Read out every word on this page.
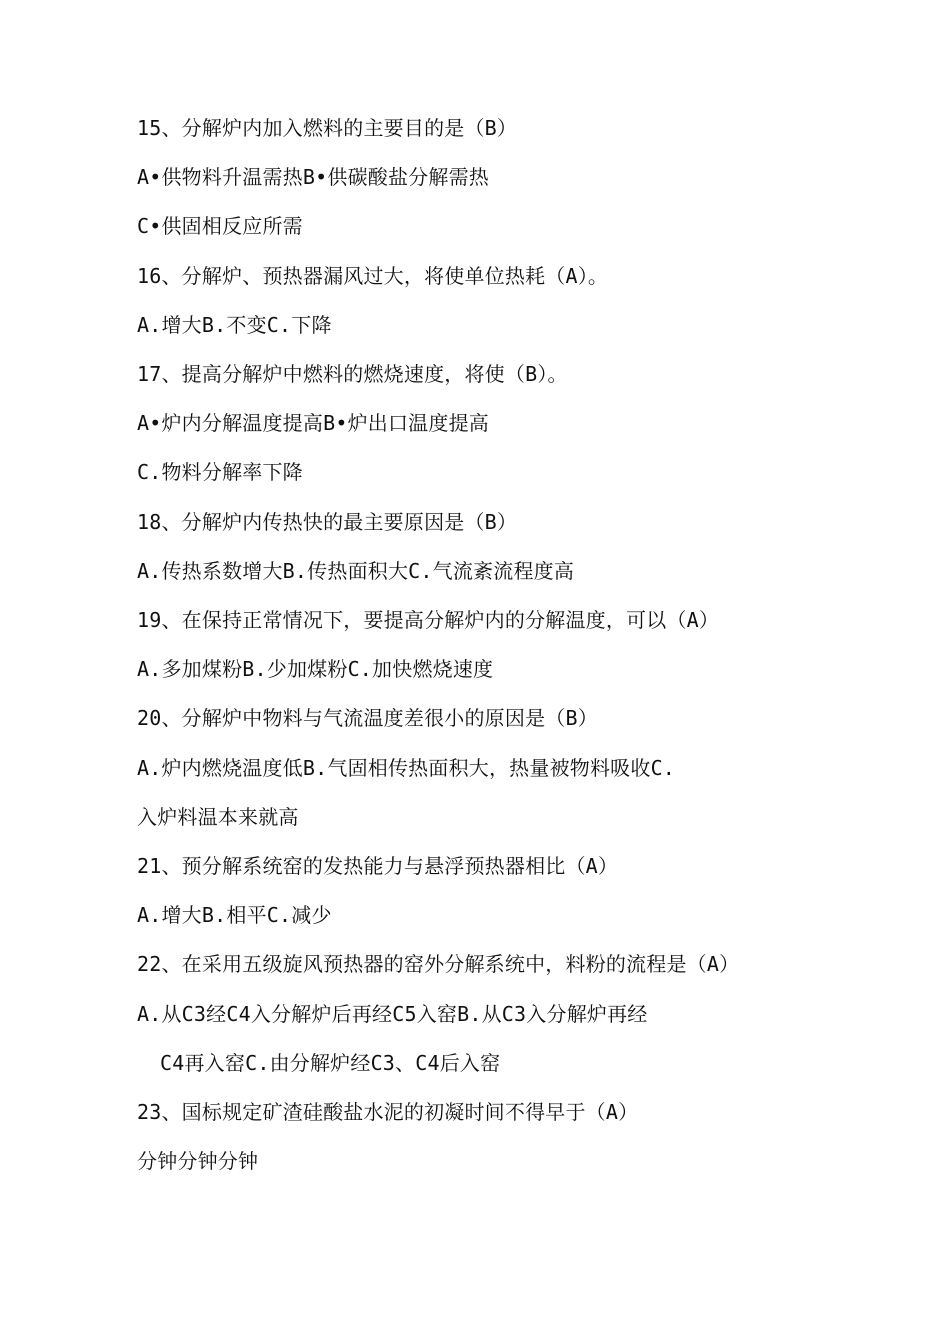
15、分解炉内加入燃料的主要目的是（B）
A•供物料升温需热B•供碳酸盐分解需热
C•供固相反应所需
16、分解炉、预热器漏风过大，将使单位热耗（A）。
A.增大B.不变C.下降
17、提高分解炉中燃料的燃烧速度，将使（B）。
A•炉内分解温度提高B•炉出口温度提高
C.物料分解率下降
18、分解炉内传热快的最主要原因是（B）
A.传热系数增大B.传热面积大C.气流紊流程度高
19、在保持正常情况下，要提高分解炉内的分解温度，可以（A）
A.多加煤粉B.少加煤粉C.加快燃烧速度
20、分解炉中物料与气流温度差很小的原因是（B）
A.炉内燃烧温度低B.气固相传热面积大，热量被物料吸收C.
入炉料温本来就高
21、预分解系统窑的发热能力与悬浮预热器相比（A）
A.增大B.相平C.减少
22、在采用五级旋风预热器的窑外分解系统中，料粉的流程是（A）
A.从C3经C4入分解炉后再经C5入窑B.从C3入分解炉再经
C4再入窑C.由分解炉经C3、C4后入窑
23、国标规定矿渣硅酸盐水泥的初凝时间不得早于（A）
分钟分钟分钟
